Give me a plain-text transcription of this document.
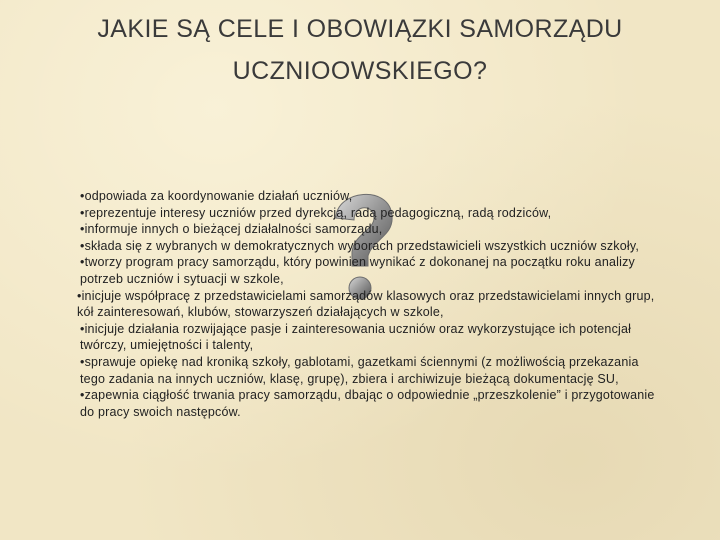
JAKIE SĄ CELE I OBOWIĄZKI SAMORZĄDU
UCZNIOOWSKIEGO?

•odpowiada za koordynowanie działań uczniów,

•reprezentuje interesy uczniów przed dyrekcją, radą pedagogiczną, radą rodziców,

•informuje innych o bieżącej działalności samorządu,

•składa się z wybranych w demokratycznych wyborach przedstawicieli wszystkich uczniów szkoły,

•tworzy program pracy samorządu, który powinien wynikać z dokonanej na początku roku analizy potrzeb uczniów i sytuacji w szkole,

•inicjuje współpracę z przedstawicielami samorządów klasowych oraz przedstawicielami innych grup, kół zainteresowań, klubów, stowarzyszeń działających w szkole,

•inicjuje działania rozwijające pasje i zainteresowania uczniów oraz wykorzystujące ich potencjał twórczy, umiejętności i talenty,

•sprawuje opiekę nad kroniką szkoły, gablotami, gazetkami ściennymi (z możliwością przekazania tego zadania na innych uczniów, klasę, grupę), zbiera i archiwizuje bieżącą dokumentację SU,

•zapewnia ciągłość trwania pracy samorządu, dbając o odpowiednie „przeszkolenie” i przygotowanie do pracy swoich następców.
